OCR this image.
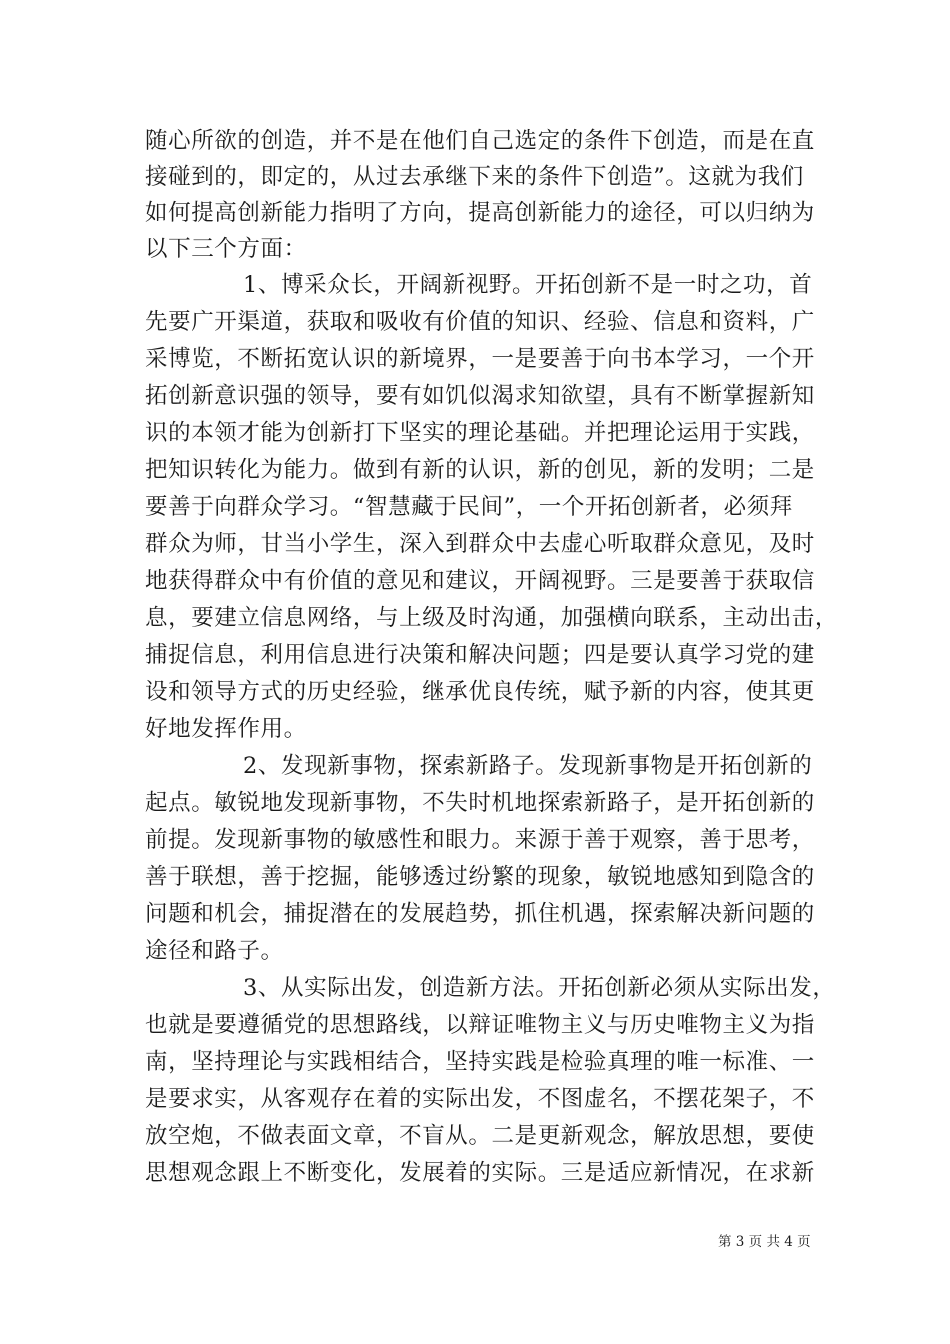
随心所欲的创造，并不是在他们自己选定的条件下创造，而是在直
接碰到的，即定的，从过去承继下来的条件下创造”。这就为我们
如何提高创新能力指明了方向，提高创新能力的途径，可以归纳为
以下三个方面：
1、博采众长，开阔新视野。开拓创新不是一时之功，首
先要广开渠道，获取和吸收有价值的知识、经验、信息和资料，广
采博览，不断拓宽认识的新境界，一是要善于向书本学习，一个开
拓创新意识强的领导，要有如饥似渴求知欲望，具有不断掌握新知
识的本领才能为创新打下坚实的理论基础。并把理论运用于实践，
把知识转化为能力。做到有新的认识，新的创见，新的发明；二是
要善于向群众学习。“智慧藏于民间”，一个开拓创新者，必须拜
群众为师，甘当小学生，深入到群众中去虚心听取群众意见，及时
地获得群众中有价值的意见和建议，开阔视野。三是要善于获取信
息，要建立信息网络，与上级及时沟通，加强横向联系，主动出击，
捕捉信息，利用信息进行决策和解决问题；四是要认真学习党的建
设和领导方式的历史经验，继承优良传统，赋予新的内容，使其更
好地发挥作用。
2、发现新事物，探索新路子。发现新事物是开拓创新的
起点。敏锐地发现新事物，不失时机地探索新路子，是开拓创新的
前提。发现新事物的敏感性和眼力。来源于善于观察，善于思考，
善于联想，善于挖掘，能够透过纷繁的现象，敏锐地感知到隐含的
问题和机会，捕捉潜在的发展趋势，抓住机遇，探索解决新问题的
途径和路子。
3、从实际出发，创造新方法。开拓创新必须从实际出发，
也就是要遵循党的思想路线，以辩证唯物主义与历史唯物主义为指
南，坚持理论与实践相结合，坚持实践是检验真理的唯一标准、一
是要求实，从客观存在着的实际出发，不图虚名，不摆花架子，不
放空炮，不做表面文章，不盲从。二是更新观念，解放思想，要使
思想观念跟上不断变化，发展着的实际。三是适应新情况，在求新
第 3 页 共 4 页
